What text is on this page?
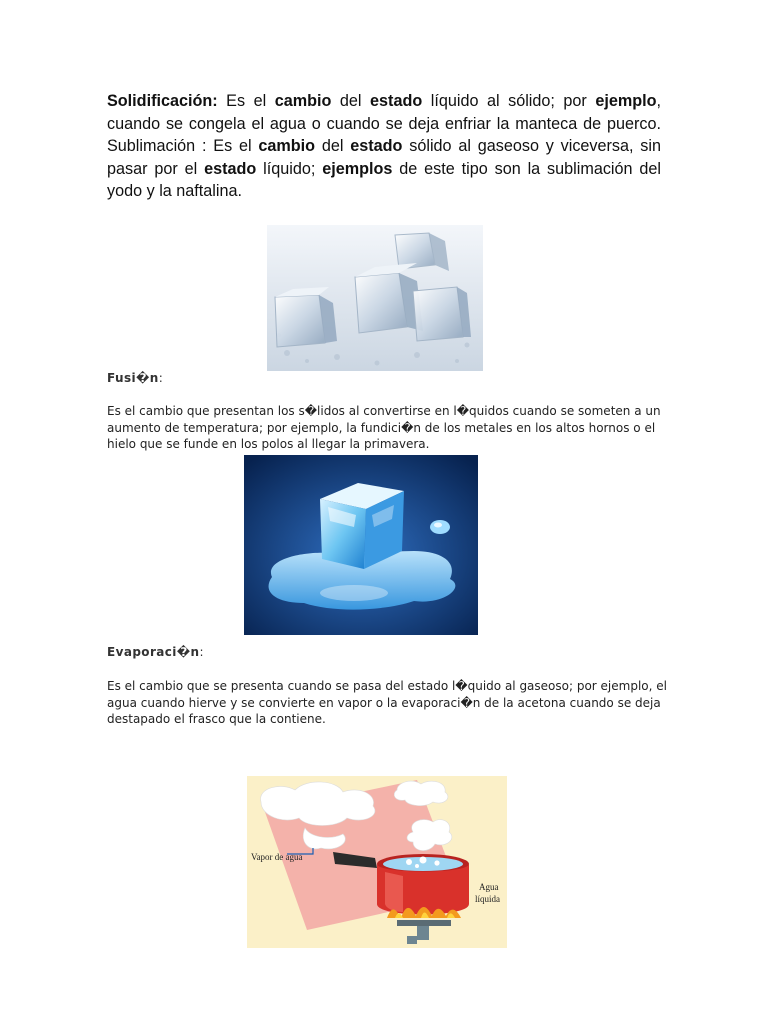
Solidificación: Es el cambio del estado líquido al sólido; por ejemplo, cuando se congela el agua o cuando se deja enfriar la manteca de puerco. Sublimación : Es el cambio del estado sólido al gaseoso y viceversa, sin pasar por el estado líquido; ejemplos de este tipo son la sublimación del yodo y la naftalina.

Fusi�n:

Es el cambio que presentan los s�lidos al convertirse en l�quidos cuando se someten a un aumento de temperatura; por ejemplo, la fundici�n de los metales en los altos hornos o el hielo que se funde en los polos al llegar la primavera.

Evaporaci�n:

Es el cambio que se presenta cuando se pasa del estado l�quido al gaseoso; por ejemplo, el agua cuando hierve y se convierte en vapor o la evaporaci�n de la acetona cuando se deja destapado el frasco que la contiene.

Vapor de agua
Agua
líquida
